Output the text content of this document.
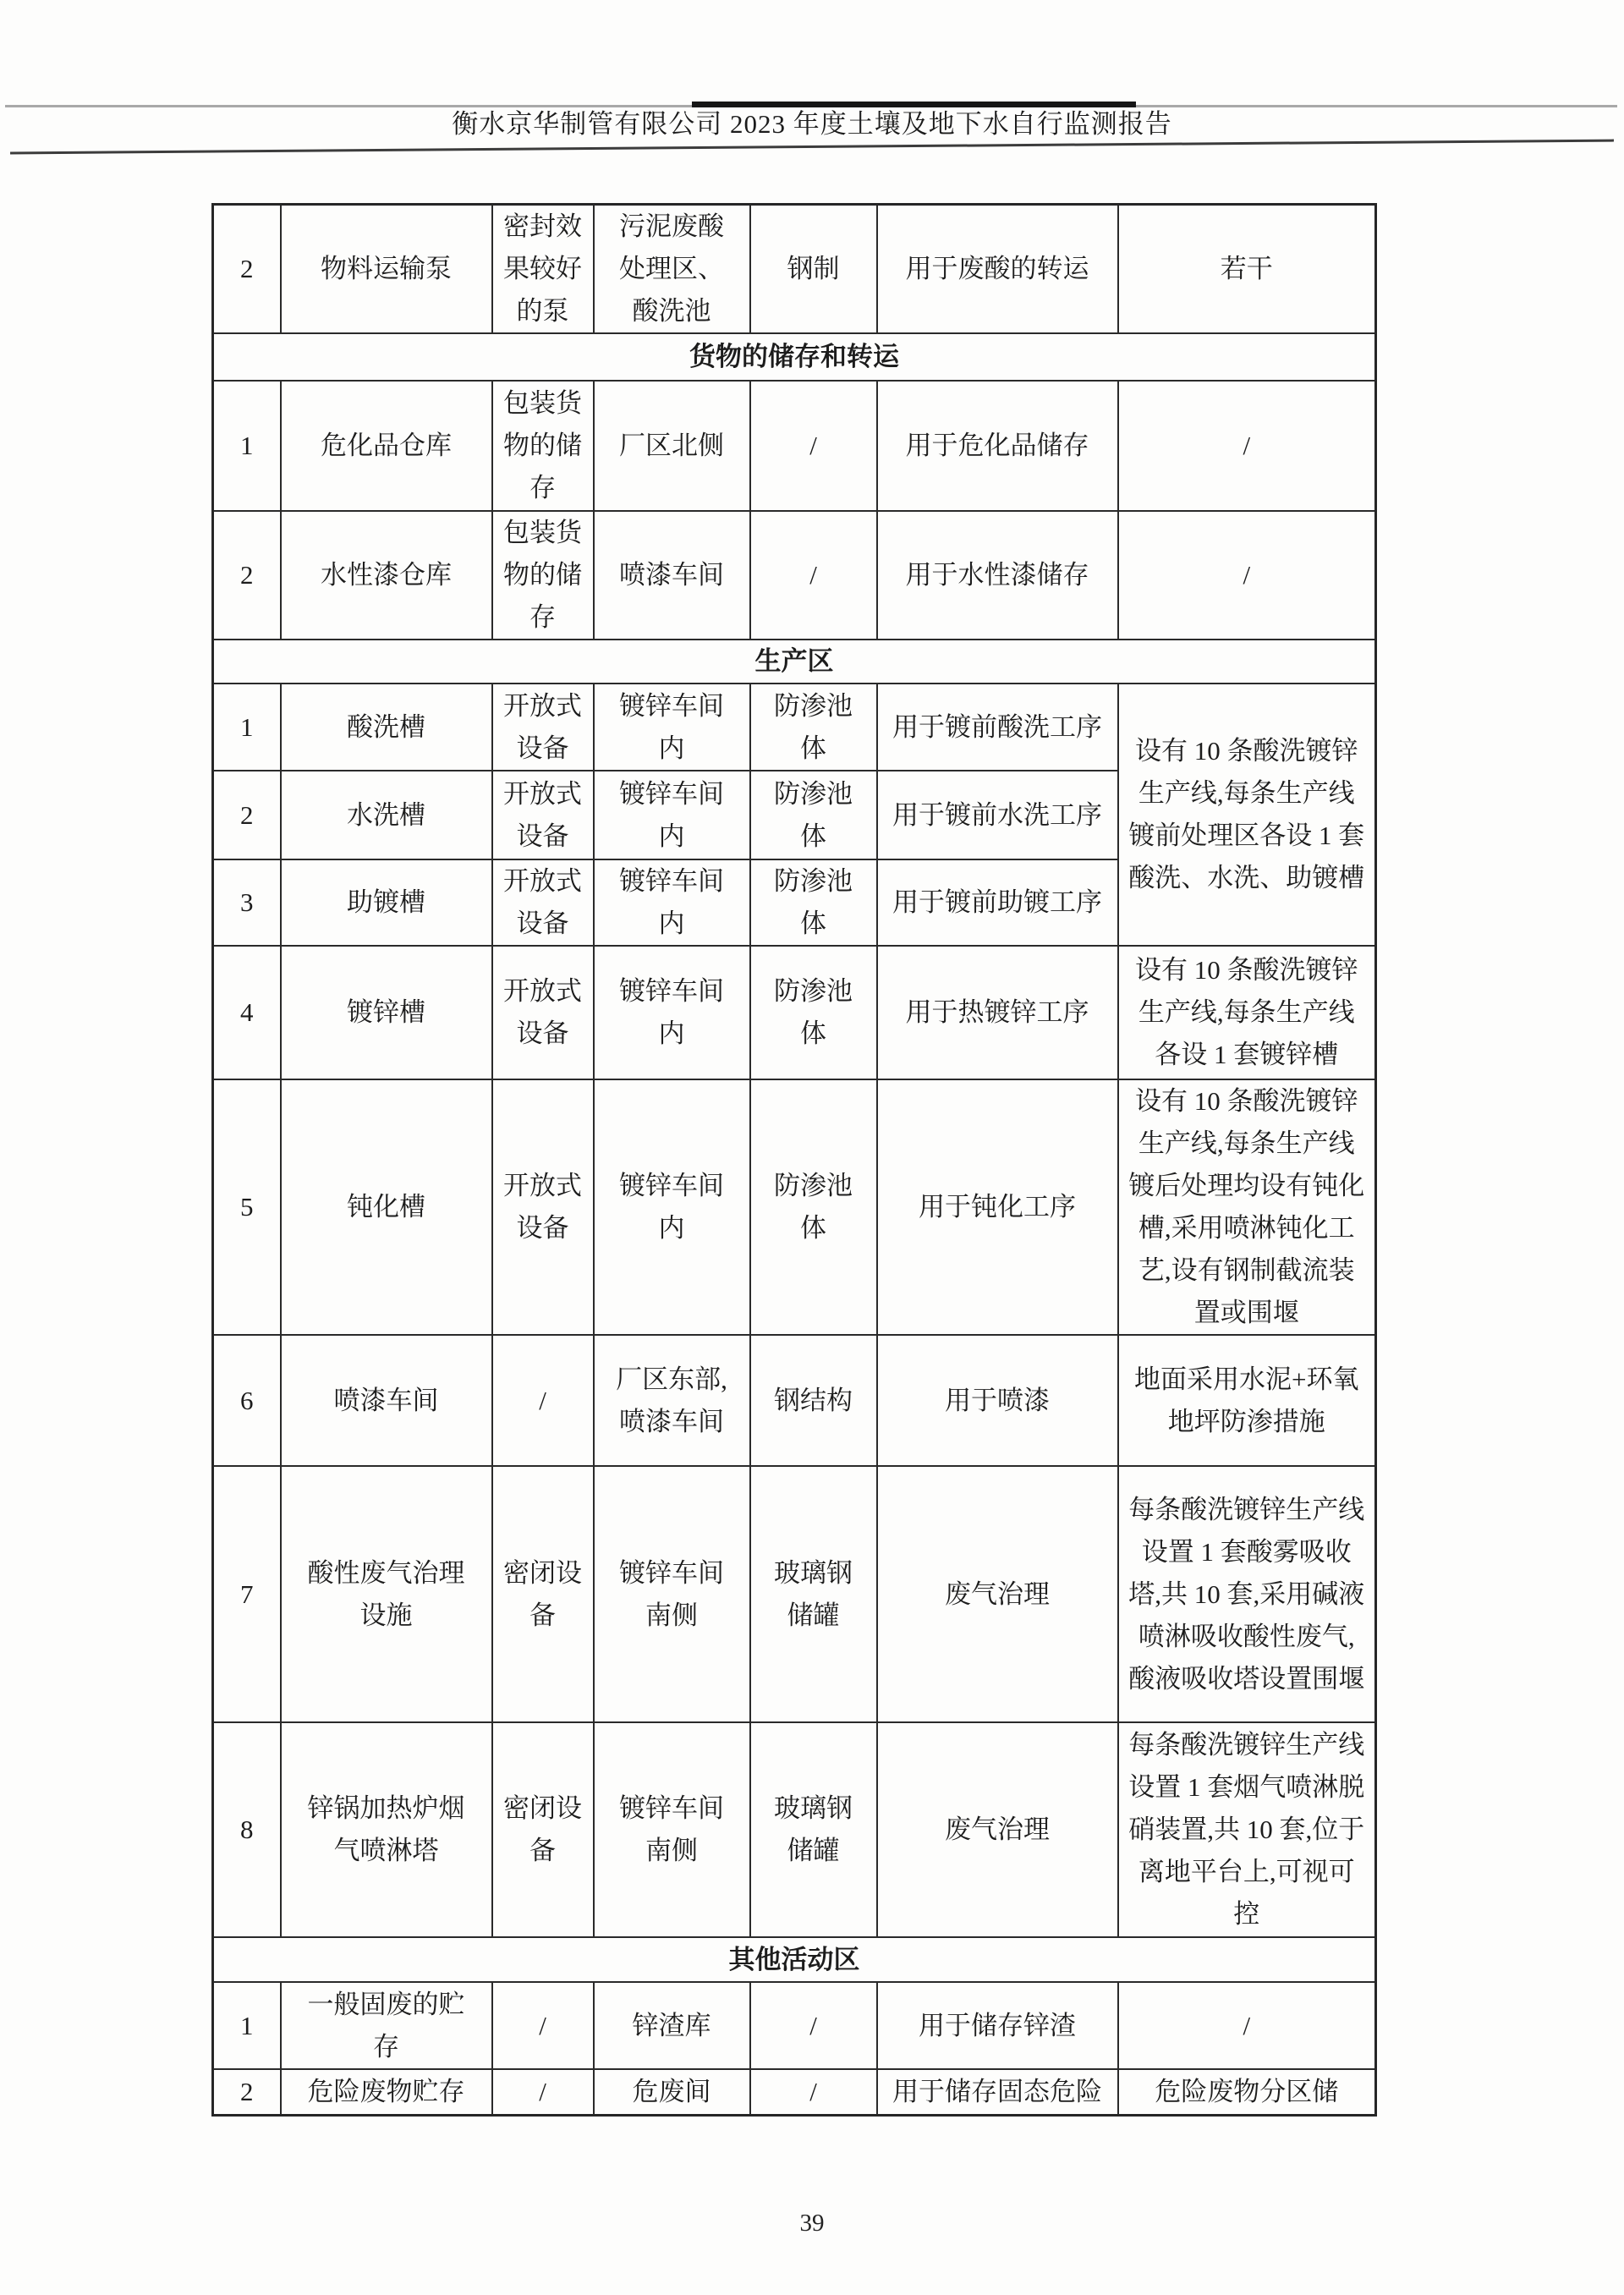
衡水京华制管有限公司 2023 年度土壤及地下水自行监测报告
2	物料运输泵	密封效果较好的泵	污泥废酸处理区、酸洗池	钢制	用于废酸的转运	若干
货物的储存和转运						
1	危化品仓库	包装货物的储存	厂区北侧	/	用于危化品储存	/
2	水性漆仓库	包装货物的储存	喷漆车间	/	用于水性漆储存	/
生产区						
1	酸洗槽	开放式设备	镀锌车间内	防渗池体	用于镀前酸洗工序	设有 10 条酸洗镀锌生产线,每条生产线镀前处理区各设 1 套酸洗、水洗、助镀槽
2	水洗槽	开放式设备	镀锌车间内	防渗池体	用于镀前水洗工序	
3	助镀槽	开放式设备	镀锌车间内	防渗池体	用于镀前助镀工序	
4	镀锌槽	开放式设备	镀锌车间内	防渗池体	用于热镀锌工序	设有 10 条酸洗镀锌生产线,每条生产线各设 1 套镀锌槽
5	钝化槽	开放式设备	镀锌车间内	防渗池体	用于钝化工序	设有 10 条酸洗镀锌生产线,每条生产线镀后处理均设有钝化槽,采用喷淋钝化工艺,设有钢制截流装置或围堰
6	喷漆车间	/	厂区东部,喷漆车间	钢结构	用于喷漆	地面采用水泥+环氧地坪防渗措施
7	酸性废气治理设施	密闭设备	镀锌车间南侧	玻璃钢储罐	废气治理	每条酸洗镀锌生产线设置 1 套酸雾吸收塔,共 10 套,采用碱液喷淋吸收酸性废气,酸液吸收塔设置围堰
8	锌锅加热炉烟气喷淋塔	密闭设备	镀锌车间南侧	玻璃钢储罐	废气治理	每条酸洗镀锌生产线设置 1 套烟气喷淋脱硝装置,共 10 套,位于离地平台上,可视可控
其他活动区						
1	一般固废的贮存	/	锌渣库	/	用于储存锌渣	/
2	危险废物贮存	/	危废间	/	用于储存固态危险	危险废物分区储
39
